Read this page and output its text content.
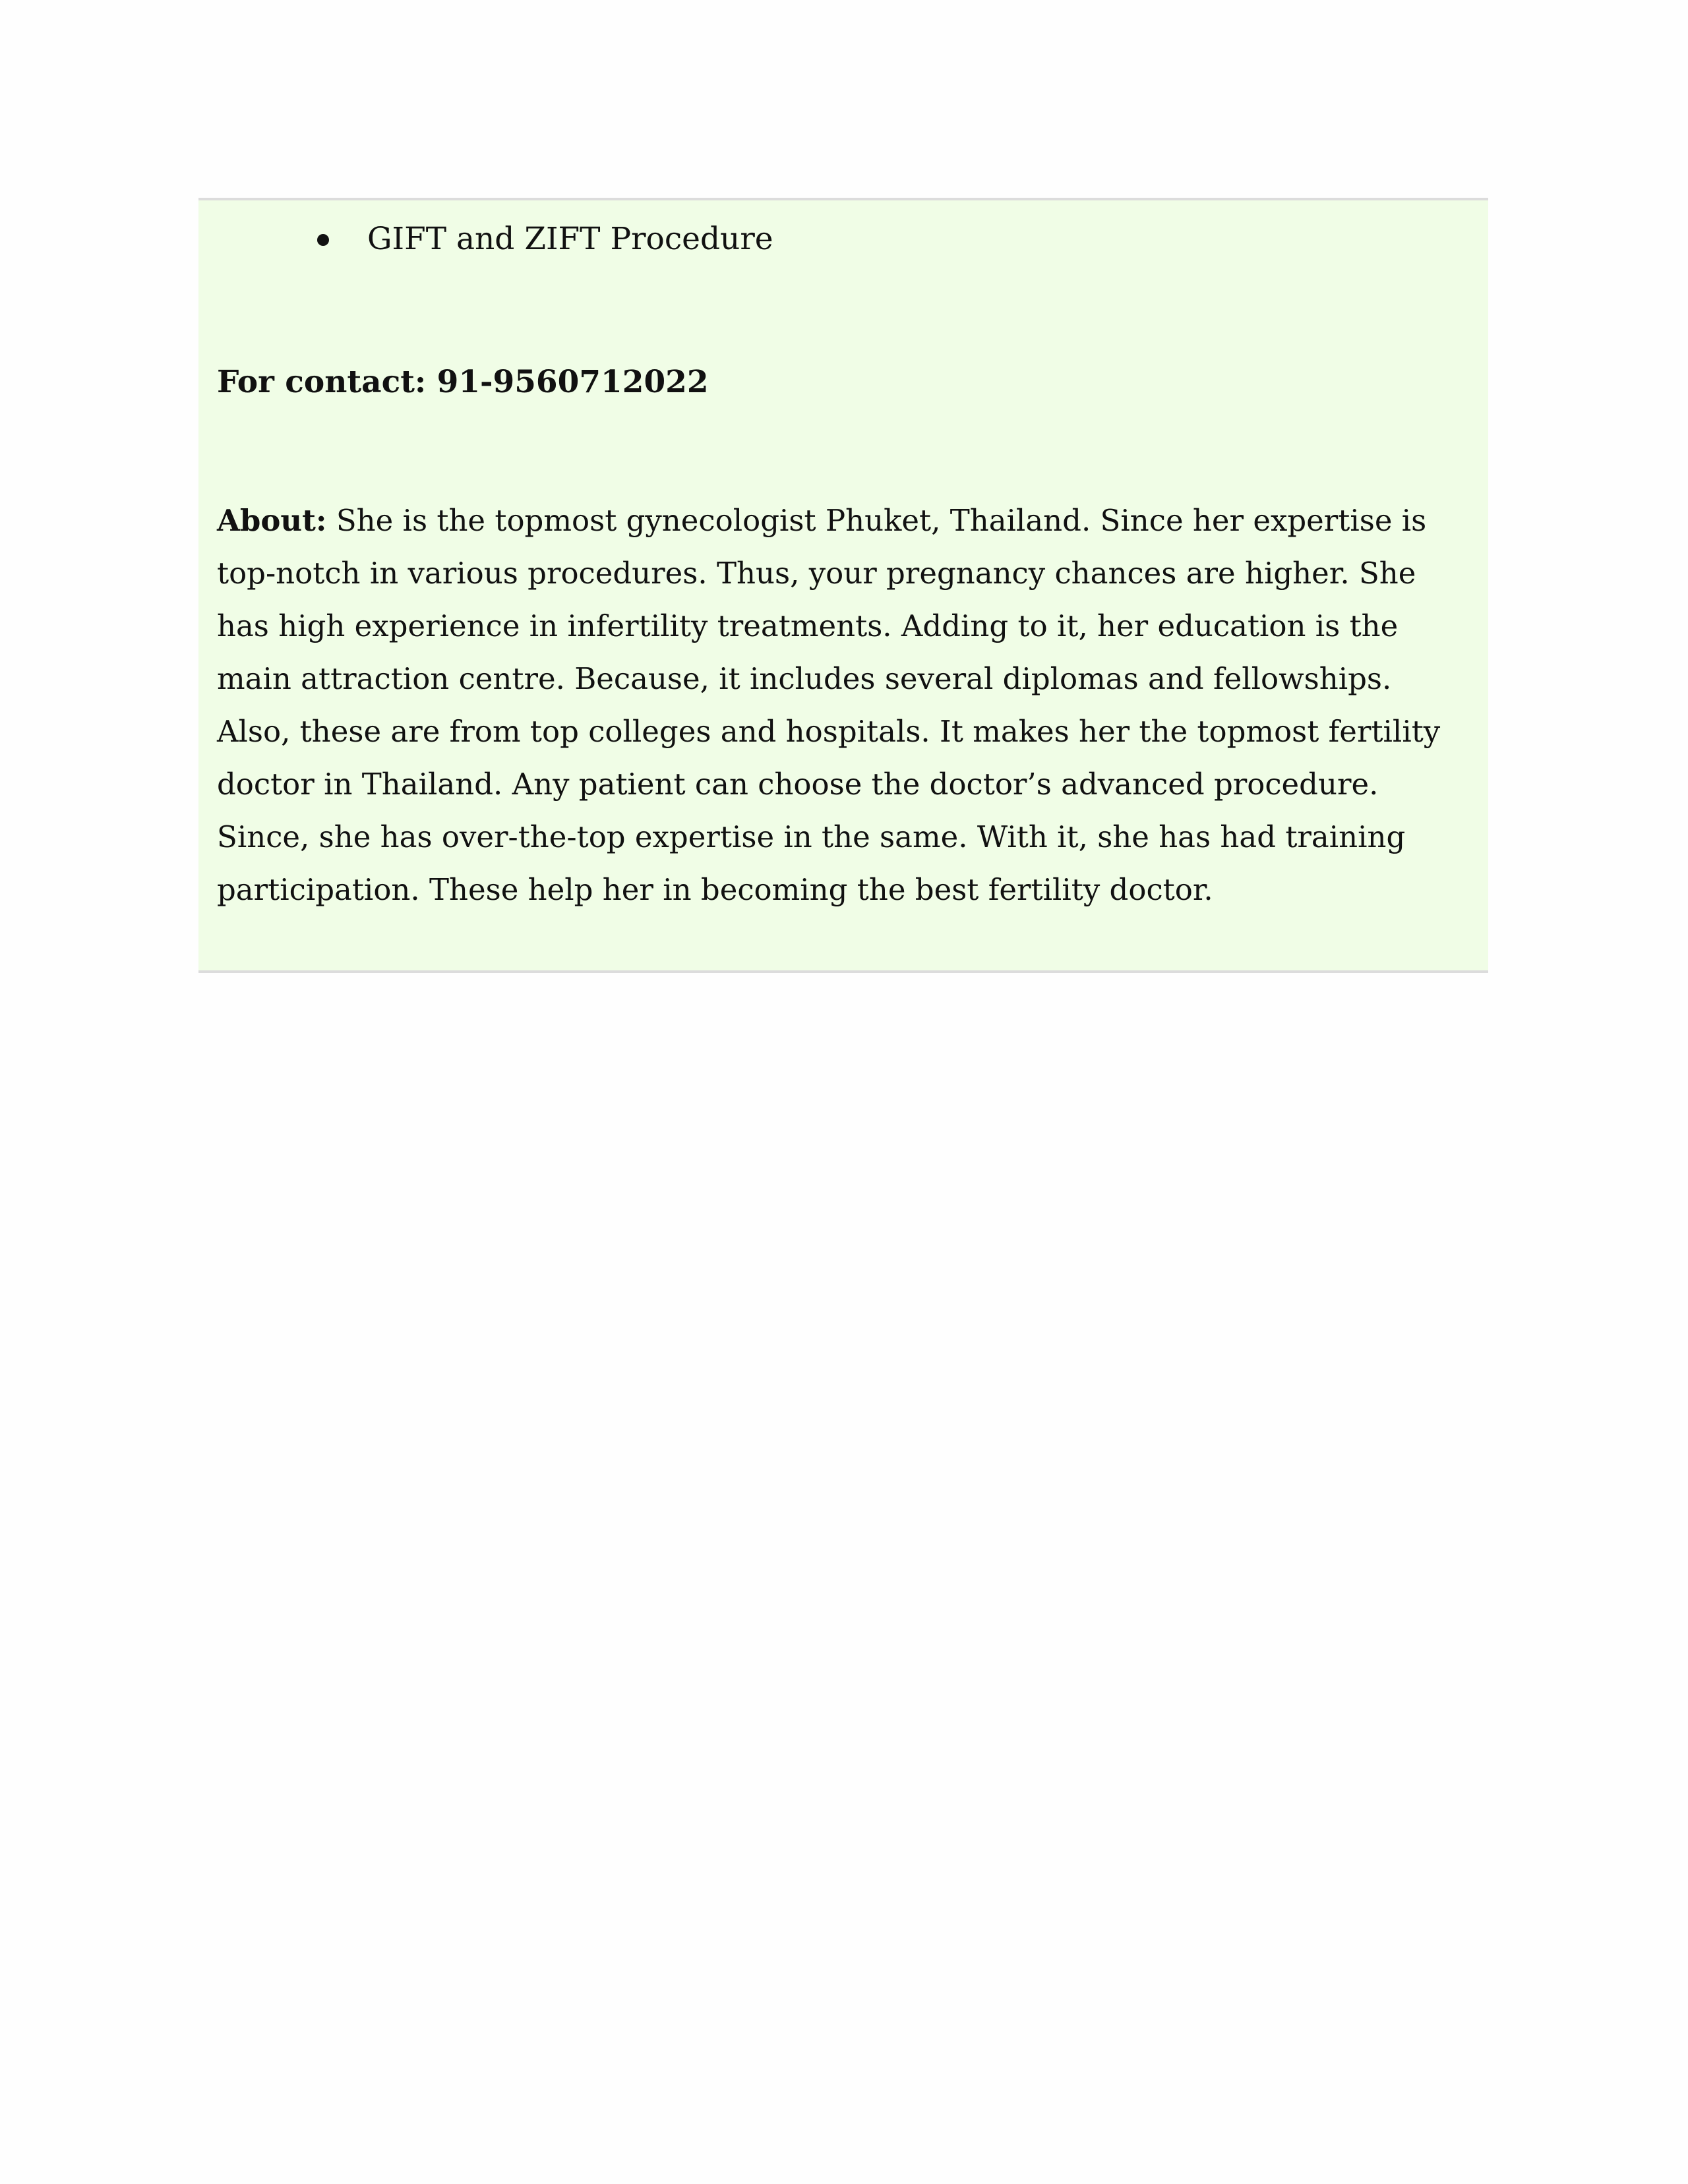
GIFT and ZIFT Procedure
For contact: 91-9560712022

About: She is the topmost gynecologist Phuket, Thailand. Since her expertise is top-notch in various procedures. Thus, your pregnancy chances are higher. She has high experience in infertility treatments. Adding to it, her education is the main attraction centre. Because, it includes several diplomas and fellowships. Also, these are from top colleges and hospitals. It makes her the topmost fertility doctor in Thailand. Any patient can choose the doctor’s advanced procedure. Since, she has over-the-top expertise in the same. With it, she has had training participation. These help her in becoming the best fertility doctor.
